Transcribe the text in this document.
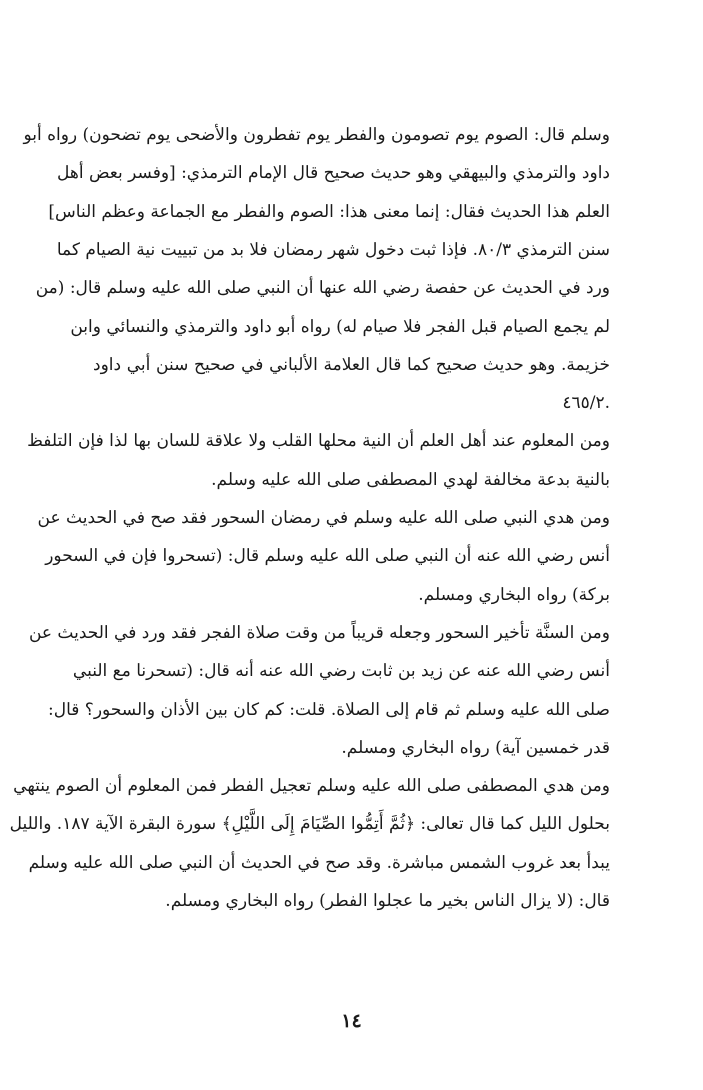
وسلم قال: الصوم يوم تصومون والفطر يوم تفطرون والأضحى يوم تضحون) رواه أبو
داود والترمذي والبيهقي وهو حديث صحيح قال الإمام الترمذي: [وفسر بعض أهل
العلم هذا الحديث فقال: إنما معنى هذا: الصوم والفطر مع الجماعة وعظم الناس]
سنن الترمذي ٨٠/٣. فإذا ثبت دخول شهر رمضان فلا بد من تبييت نية الصيام كما
ورد في الحديث عن حفصة رضي الله عنها أن النبي صلى الله عليه وسلم قال: (من
لم يجمع الصيام قبل الفجر فلا صيام له) رواه أبو داود والترمذي والنسائي وابن
خزيمة. وهو حديث صحيح كما قال العلامة الألباني في صحيح سنن أبي داود
٤٦٥/٢.
ومن المعلوم عند أهل العلم أن النية محلها القلب ولا علاقة للسان بها لذا فإن التلفظ
بالنية بدعة مخالفة لهدي المصطفى صلى الله عليه وسلم.
ومن هدي النبي صلى الله عليه وسلم في رمضان السحور فقد صح في الحديث عن
أنس رضي الله عنه أن النبي صلى الله عليه وسلم قال: (تسحروا فإن في السحور
بركة) رواه البخاري ومسلم.
ومن السنَّة تأخير السحور وجعله قريباً من وقت صلاة الفجر فقد ورد في الحديث عن
أنس رضي الله عنه عن زيد بن ثابت رضي الله عنه أنه قال: (تسحرنا مع النبي
صلى الله عليه وسلم ثم قام إلى الصلاة. قلت: كم كان بين الأذان والسحور؟ قال:
قدر خمسين آية) رواه البخاري ومسلم.
ومن هدي المصطفى صلى الله عليه وسلم تعجيل الفطر فمن المعلوم أن الصوم ينتهي
بحلول الليل كما قال تعالى: ﴿ثُمَّ أَتِمُّوا الصِّيَامَ إِلَى اللَّيْلِ﴾ سورة البقرة الآية ١٨٧. والليل
يبدأ بعد غروب الشمس مباشرة. وقد صح في الحديث أن النبي صلى الله عليه وسلم
قال: (لا يزال الناس بخير ما عجلوا الفطر) رواه البخاري ومسلم.
١٤
